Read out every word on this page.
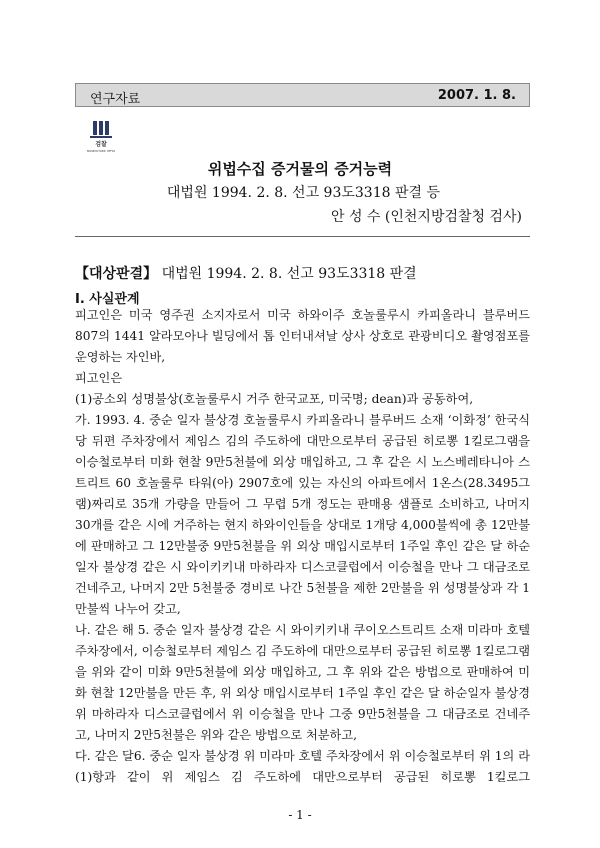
연구자료	2007. 1. 8.
검찰
PROSECUTORS' OFFICE
위법수집 증거물의 증거능력
대법원 1994. 2. 8. 선고 93도3318 판결 등
안 성 수 (인천지방검찰청 검사)
【대상판결】 대법원 1994. 2. 8. 선고 93도3318 판결
Ⅰ. 사실관계

피고인은 미국 영주권 소지자로서 미국 하와이주 호놀룰루시 카피올라니 블루버드 807의 1441 알라모아나 빌딩에서 톱 인터내셔날 상사 상호로 관광비디오 촬영점포를 운영하는 자인바,

피고인은

(1)공소외 성명불상(호놀룰루시 거주 한국교포, 미국명; dean)과 공동하여,

가. 1993. 4. 중순 일자 불상경 호놀룰루시 카피올라니 블루버드 소재 ‘이화정’ 한국식당 뒤편 주차장에서 제임스 김의 주도하에 대만으로부터 공급된 히로뽕 1킬로그램을 이승철로부터 미화 현찰 9만5천불에 외상 매입하고, 그 후 같은 시 노스베레타니아 스트리트 60 호놀룰루 타워(아) 2907호에 있는 자신의 아파트에서 1온스(28.3495그램)짜리로 35개 가량을 만들어 그 무렵 5개 정도는 판매용 샘플로 소비하고, 나머지 30개를 같은 시에 거주하는 현지 하와이인들을 상대로 1개당 4,000불씩에 총 12만불에 판매하고 그 12만불중 9만5천불을 위 외상 매입시로부터 1주일 후인 같은 달 하순 일자 불상경 같은 시 와이키키내 마하라자 디스코클럽에서 이승철을 만나 그 대금조로 건네주고, 나머지 2만 5천불중 경비로 나간 5천불을 제한 2만불을 위 성명불상과 각 1만불씩 나누어 갖고,

나. 같은 해 5. 중순 일자 불상경 같은 시 와이키키내 쿠이오스트리트 소재 미라마 호텔 주차장에서, 이승철로부터 제임스 김 주도하에 대만으로부터 공급된 히로뽕 1킬로그램을 위와 같이 미화 9만5천불에 외상 매입하고, 그 후 위와 같은 방법으로 판매하여 미화 현찰 12만불을 만든 후, 위 외상 매입시로부터 1주일 후인 같은 달 하순일자 불상경 위 마하라자 디스코클럽에서 위 이승철을 만나 그중 9만5천불을 그 대금조로 건네주고, 나머지 2만5천불은 위와 같은 방법으로 처분하고,

다. 같은 달6. 중순 일자 불상경 위 미라마 호텔 주차장에서 위 이승철로부터 위 1의 라(1)항과 같이 위 제임스 김 주도하에 대만으로부터 공급된 히로뽕 1킬로그

- 1 -
